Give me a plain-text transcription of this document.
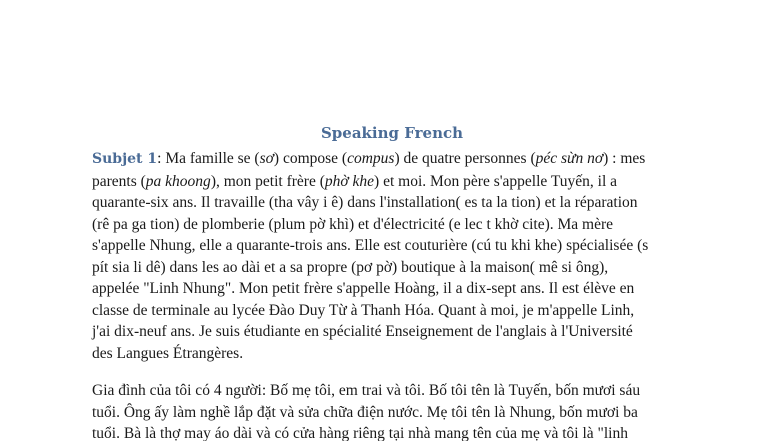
Speaking French
Subjet 1: Ma famille se (sơ) compose (compus) de quatre personnes (péc sừn nơ) : mes
parents (pa khoong), mon petit frère (phờ khe) et moi. Mon père s'appelle Tuyến, il a
quarante-six ans. Il travaille (tha vây i ê) dans l'installation( es ta la tion) et la réparation
(rê pa ga tion) de plomberie (plum pờ khì) et d'électricité (e lec t khờ cite). Ma mère
s'appelle Nhung, elle a quarante-trois ans. Elle est couturière (cú tu khi khe) spécialisée (s
pít sia li dê) dans les ao dài et a sa propre (pơ pờ) boutique à la maison( mê si ông),
appelée "Linh Nhung". Mon petit frère s'appelle Hoàng, il a dix-sept ans. Il est élève en
classe de terminale au lycée Đào Duy Từ à Thanh Hóa. Quant à moi, je m'appelle Linh,
j'ai dix-neuf ans. Je suis étudiante en spécialité Enseignement de l'anglais à l'Université
des Langues Étrangères.
Gia đình của tôi có 4 người: Bố mẹ tôi, em trai và tôi. Bố tôi tên là Tuyến, bốn mươi sáu
tuổi. Ông ấy làm nghề lắp đặt và sửa chữa điện nước. Mẹ tôi tên là Nhung, bốn mươi ba
tuổi. Bà là thợ may áo dài và có cửa hàng riêng tại nhà mang tên của mẹ và tôi là "linh
